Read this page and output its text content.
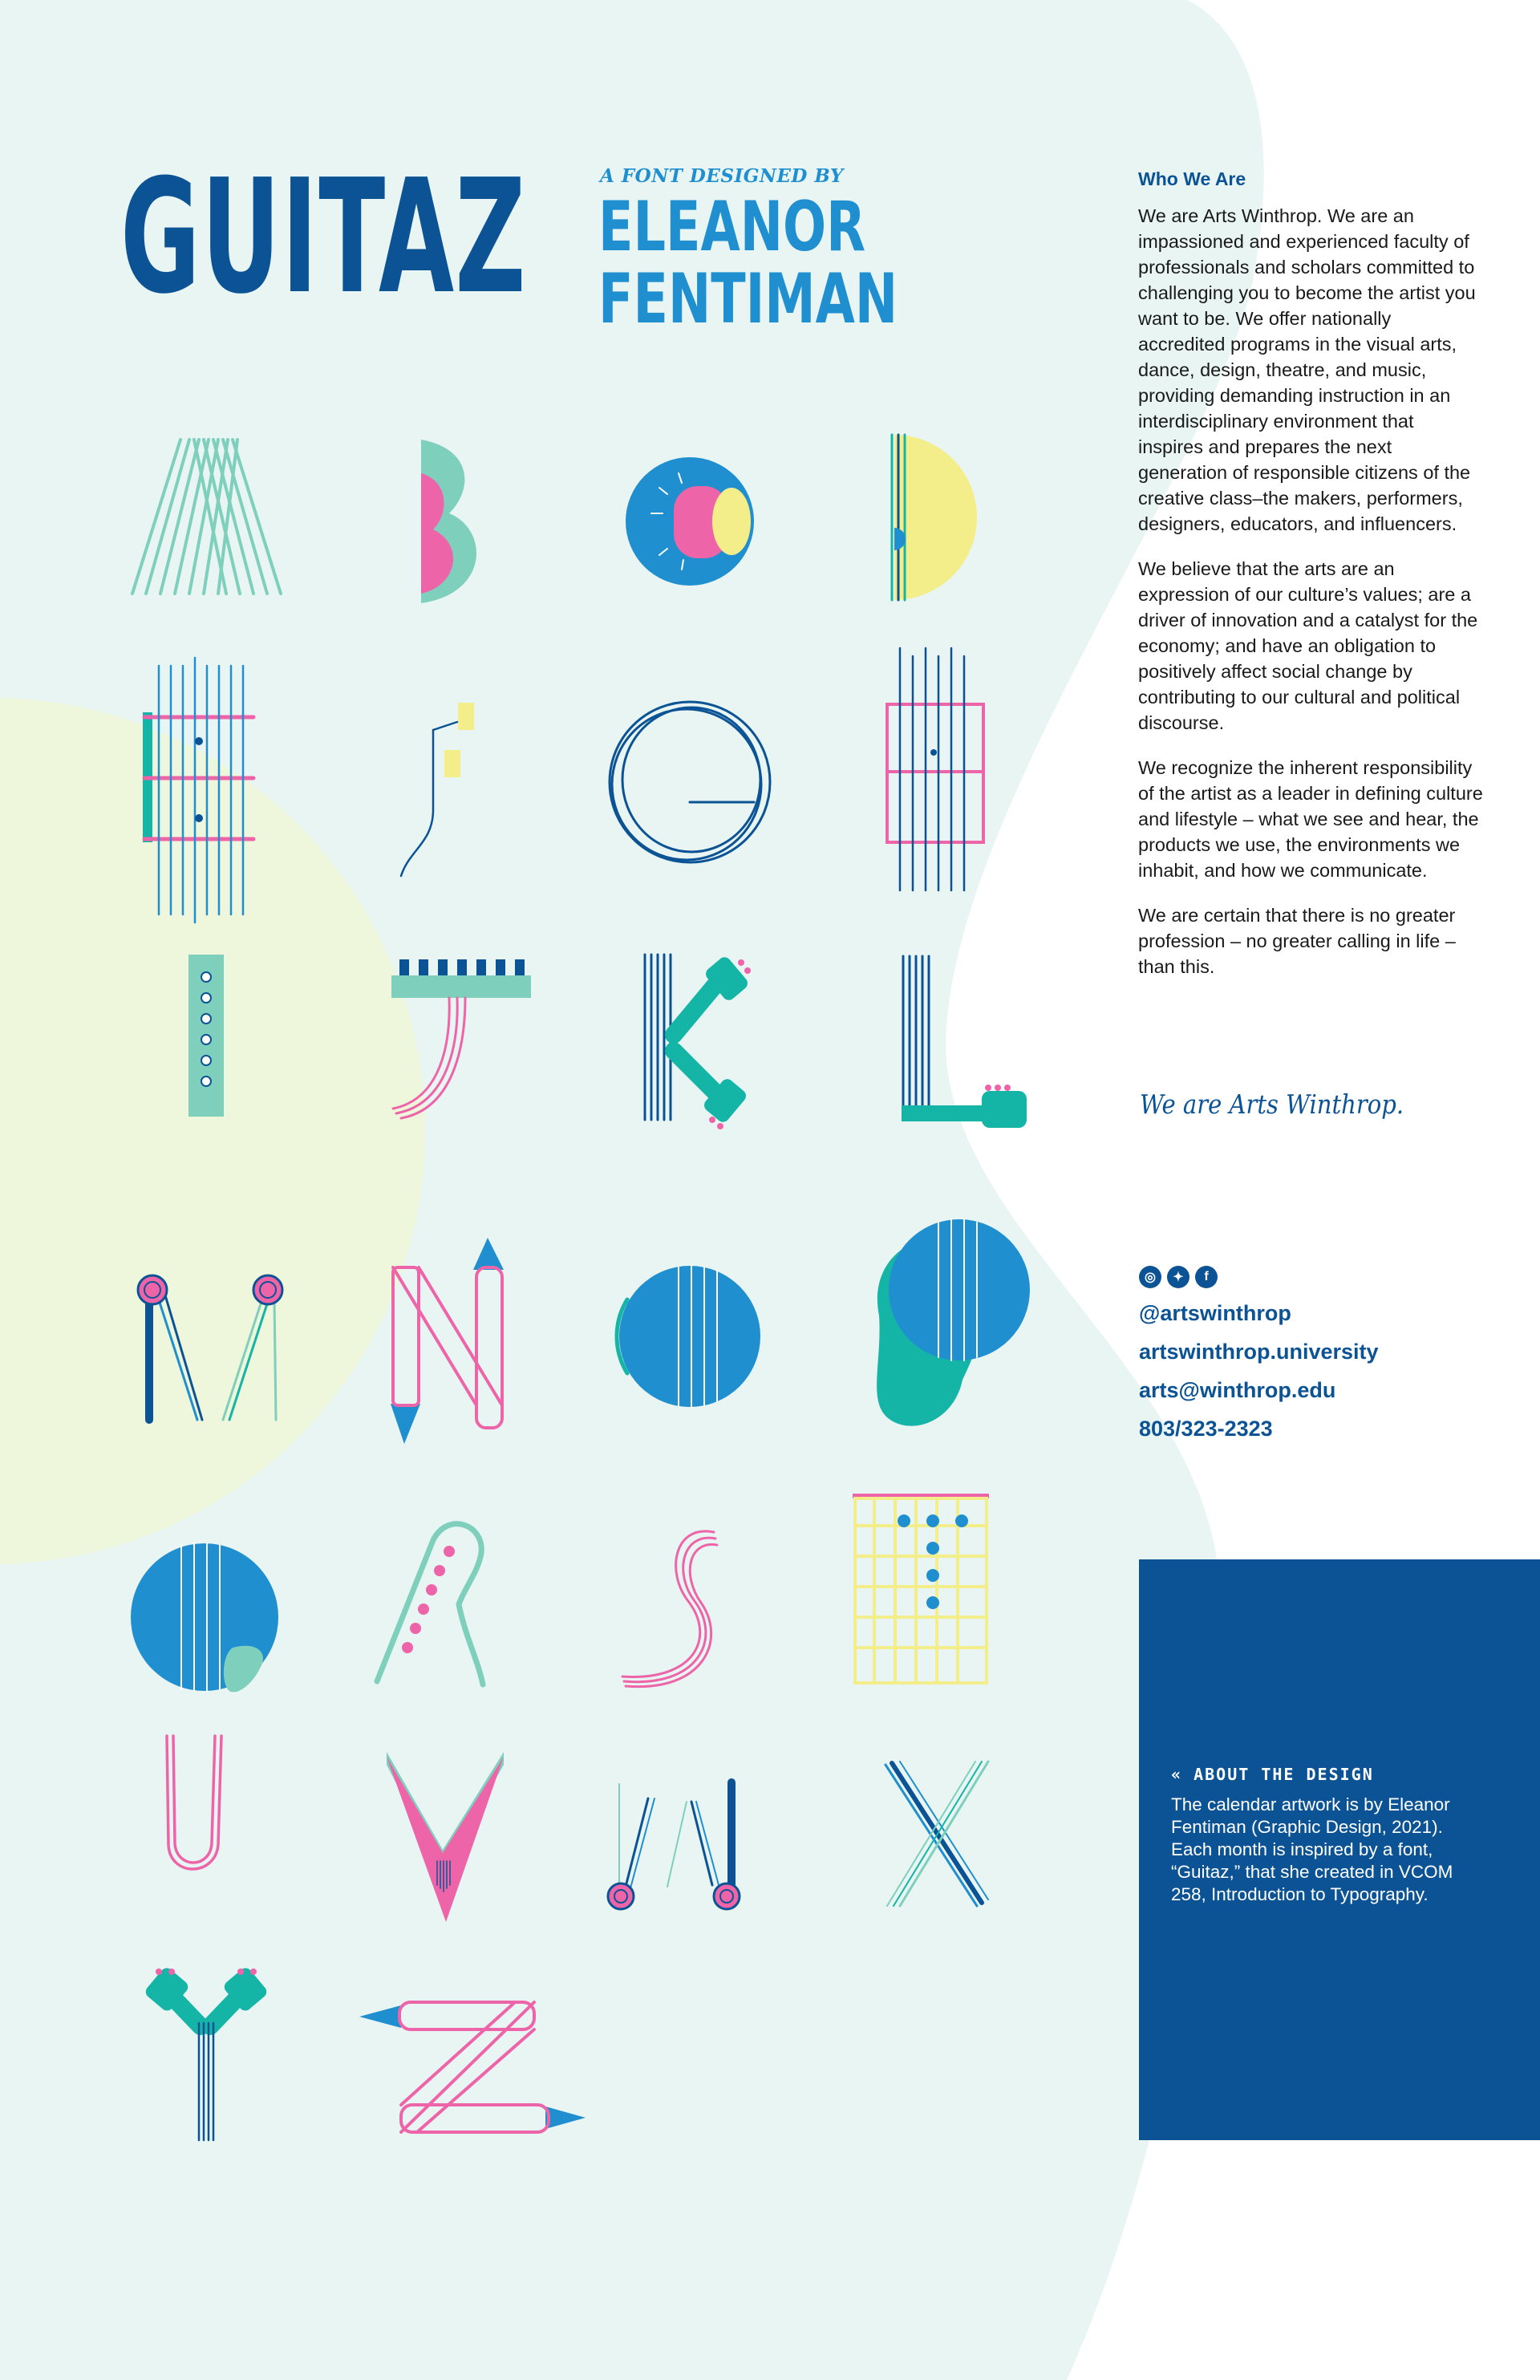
GUITAZ	A FONT DESIGNED BY
ELEANOR
FENTIMAN
Who We Are

We are Arts Winthrop. We are an impassioned and experienced faculty of professionals and scholars committed to challenging you to become the artist you want to be. We offer nationally accredited programs in the visual arts, dance, design, theatre, and music, providing demanding instruction in an interdisciplinary environment that inspires and prepares the next generation of responsible citizens of the creative class–the makers, performers, designers, educators, and influencers.

We believe that the arts are an expression of our culture’s values; are a driver of innovation and a catalyst for the economy; and have an obligation to positively affect social change by contributing to our cultural and political discourse.

We recognize the inherent responsibility of the artist as a leader in defining culture and lifestyle – what we see and hear, the products we use, the environments we inhabit, and how we communicate.

We are certain that there is no greater profession – no greater calling in life – than this.

We are Arts Winthrop.
◎	✦	f
@artswinthrop
artswinthrop.university
arts@winthrop.edu
803/323-2323
« ABOUT THE DESIGN
The calendar artwork is by Eleanor Fentiman (Graphic Design, 2021). Each month is inspired by a font, “Guitaz,” that she created in VCOM 258, Introduction to Typography.
